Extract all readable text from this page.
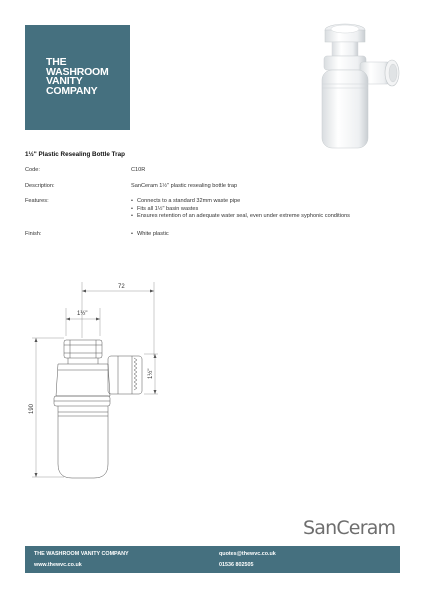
THE
WASHROOM
VANITY
COMPANY
1½" Plastic Resealing Bottle Trap
Code:	C10R
Description:	SanCeram 1½" plastic resealing bottle trap
Features:	• Connects to a standard 32mm waste pipe
• Fits all 1½" basin wastes
• Ensures retention of an adequate water seal, even under extreme syphonic conditions
Finish:	• White plastic
72
1½"
1½"
190
SanCeram
THE WASHROOM VANITY COMPANY
www.thewvc.co.uk
quotes@thewvc.co.uk
01536 802505
